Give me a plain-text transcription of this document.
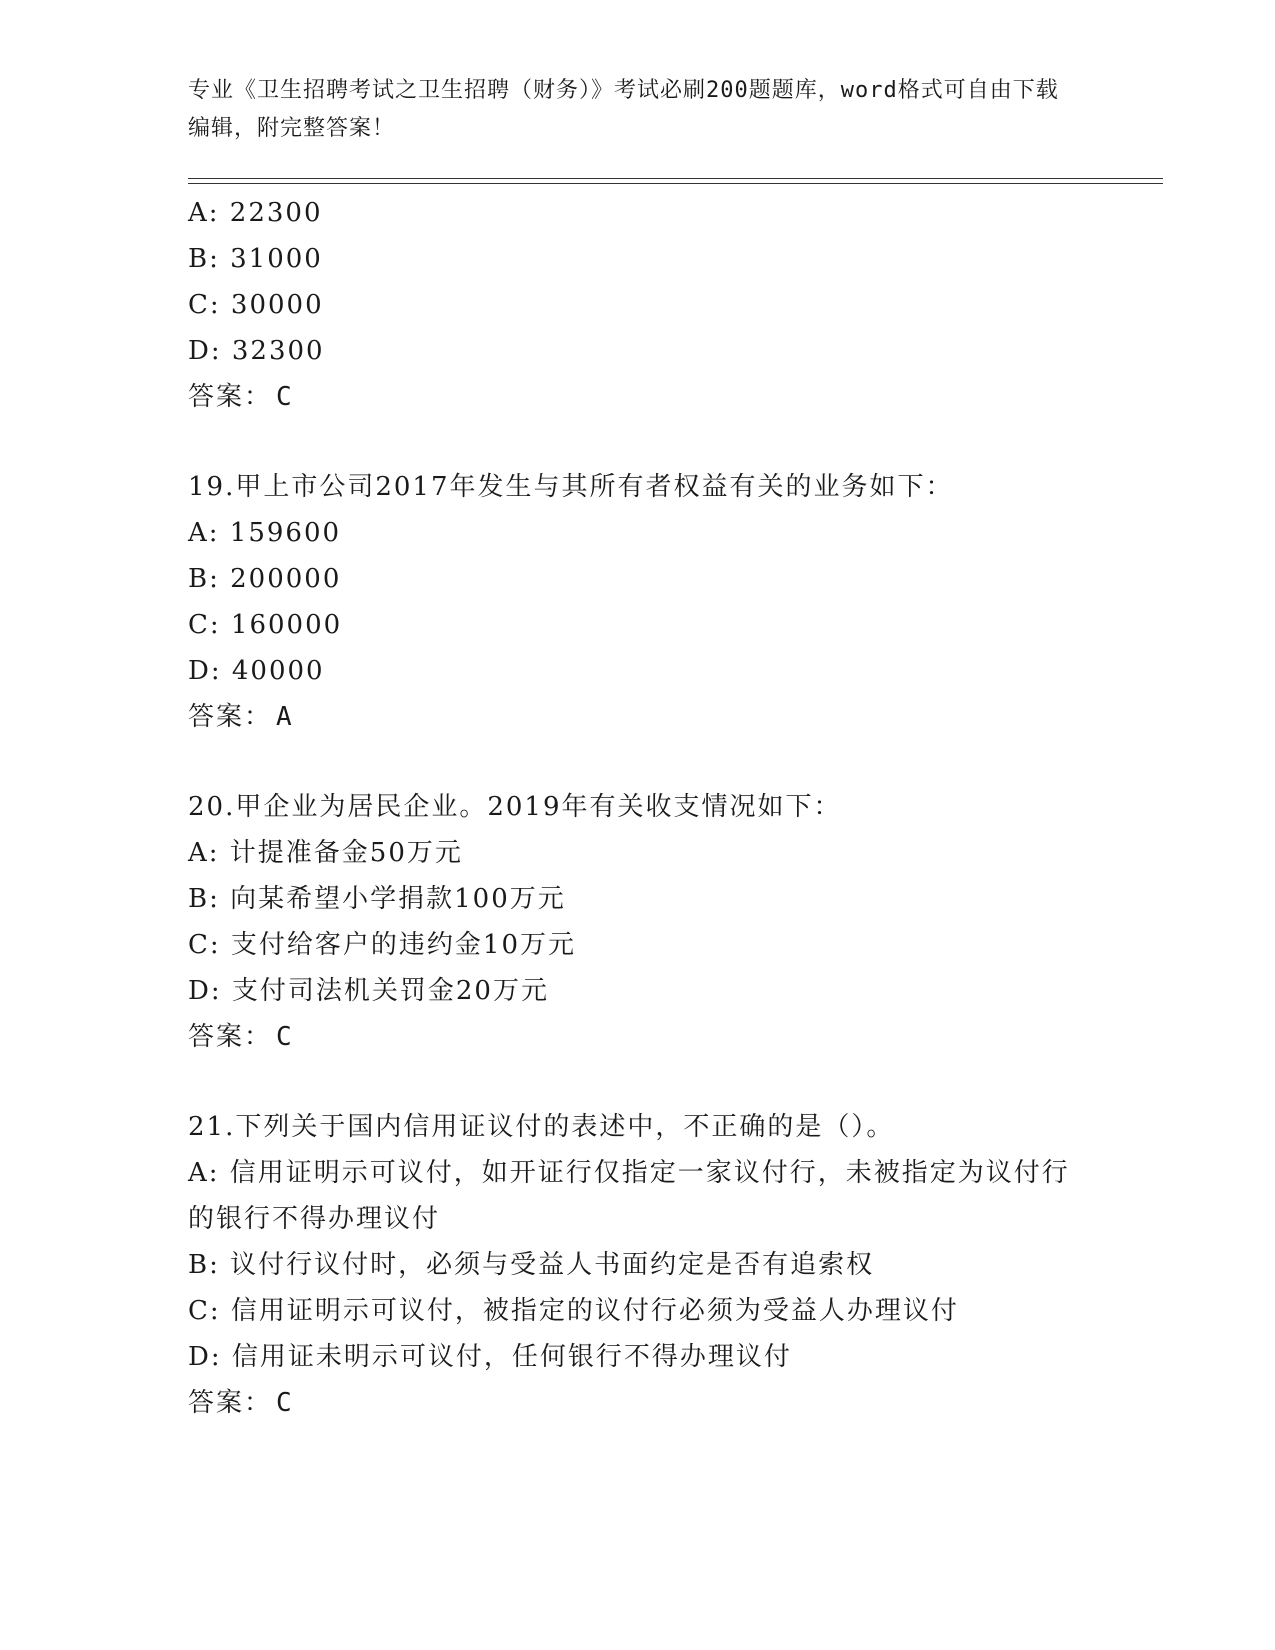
专业《卫生招聘考试之卫生招聘（财务）》考试必刷200题题库，word格式可自由下载编辑，附完整答案！
A: 22300
B: 31000
C: 30000
D: 32300
答案： C
19.甲上市公司2017年发生与其所有者权益有关的业务如下：
A: 159600
B: 200000
C: 160000
D: 40000
答案： A
20.甲企业为居民企业。2019年有关收支情况如下：
A: 计提准备金50万元
B: 向某希望小学捐款100万元
C: 支付给客户的违约金10万元
D: 支付司法机关罚金20万元
答案： C
21.下列关于国内信用证议付的表述中，不正确的是（）。
A: 信用证明示可议付，如开证行仅指定一家议付行，未被指定为议付行的银行不得办理议付
B: 议付行议付时，必须与受益人书面约定是否有追索权
C: 信用证明示可议付，被指定的议付行必须为受益人办理议付
D: 信用证未明示可议付，任何银行不得办理议付
答案： C
